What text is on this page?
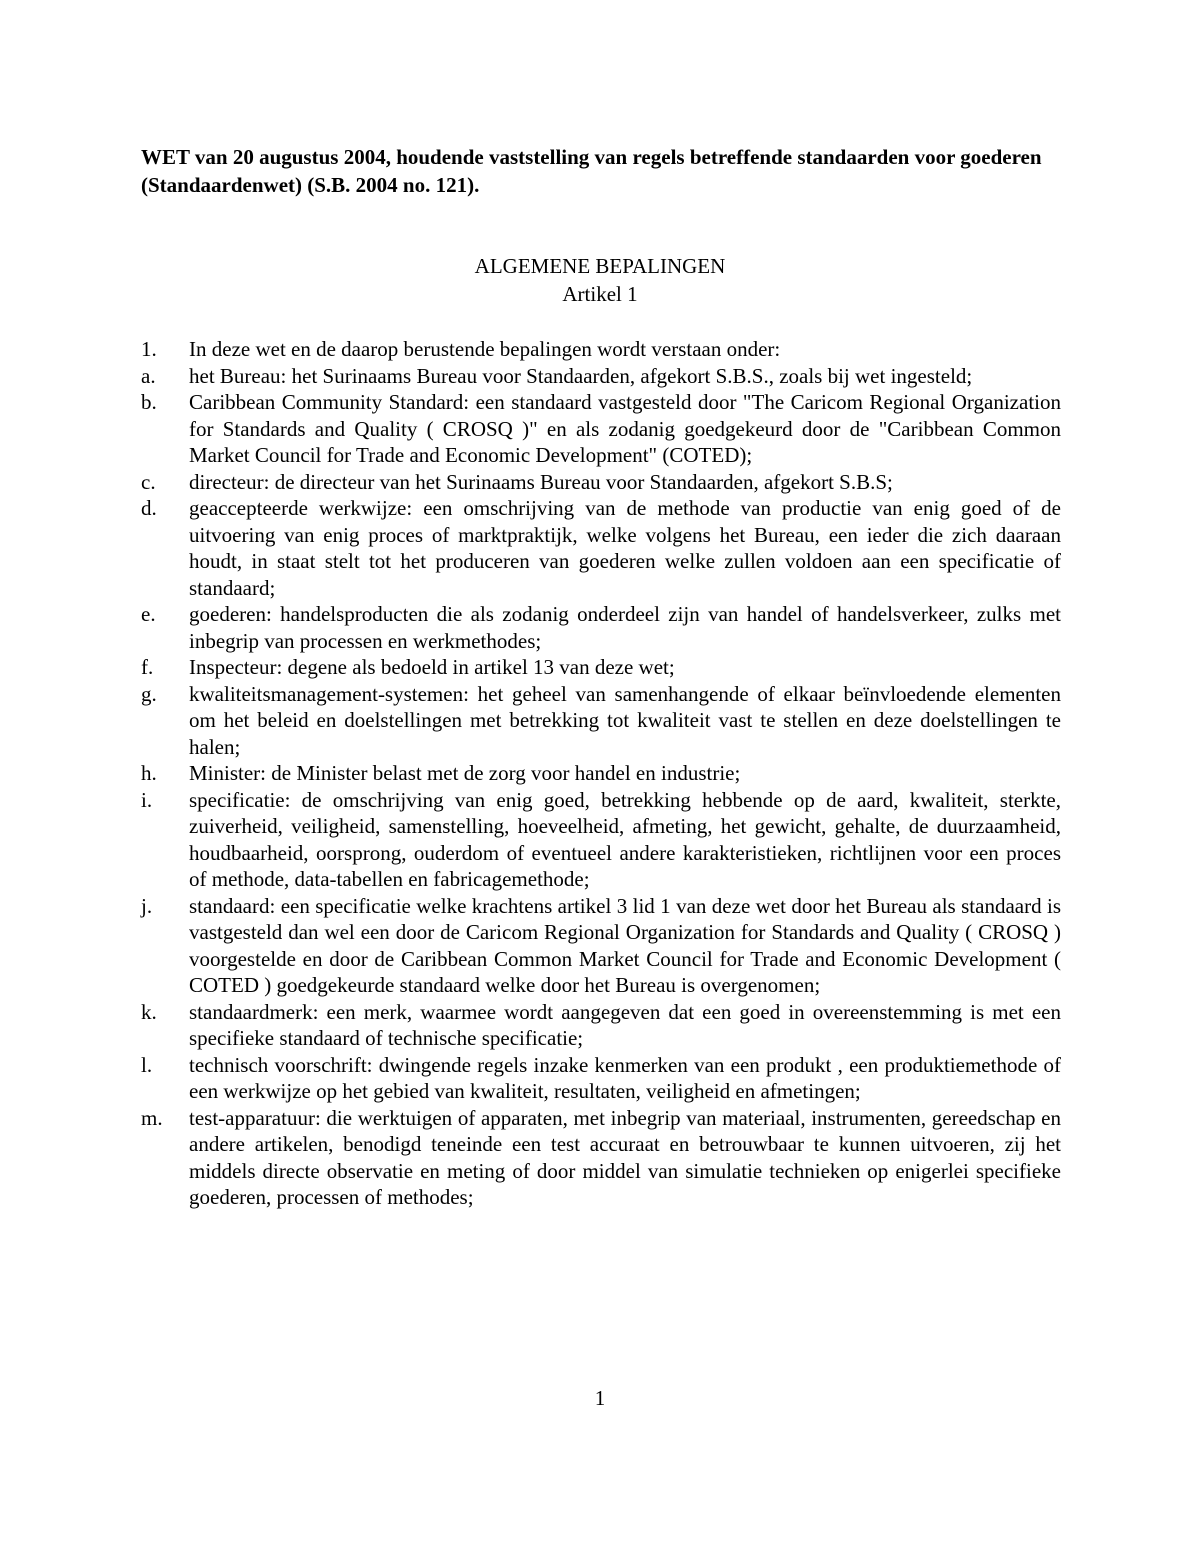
WET van 20 augustus 2004, houdende vaststelling van regels betreffende standaarden voor goederen (Standaardenwet) (S.B. 2004 no. 121).

ALGEMENE BEPALINGEN
Artikel 1
1.	In deze wet en de daarop berustende bepalingen wordt verstaan onder:
a.	het Bureau: het Surinaams Bureau voor Standaarden, afgekort S.B.S., zoals bij wet ingesteld;
b.	Caribbean Community Standard: een standaard vastgesteld door "The Caricom Regional Organization for Standards and Quality ( CROSQ )" en als zodanig goedgekeurd door de "Caribbean Common Market Council for Trade and Economic Development" (COTED);
c.	directeur: de directeur van het Surinaams Bureau voor Standaarden, afgekort S.B.S;
d.	geaccepteerde werkwijze: een omschrijving van de methode van productie van enig goed of de uitvoering van enig proces of marktpraktijk, welke volgens het Bureau, een ieder die zich daaraan houdt, in staat stelt tot het produceren van goederen welke zullen voldoen aan een specificatie of standaard;
e.	goederen: handelsproducten die als zodanig onderdeel zijn van handel of handelsverkeer, zulks met inbegrip van processen en werkmethodes;
f.	Inspecteur: degene als bedoeld in artikel 13 van deze wet;
g.	kwaliteitsmanagement-systemen: het geheel van samenhangende of elkaar beïnvloedende elementen om het beleid en doelstellingen met betrekking tot kwaliteit vast te stellen en deze doelstellingen te halen;
h.	Minister: de Minister belast met de zorg voor handel en industrie;
i.	specificatie: de omschrijving van enig goed, betrekking hebbende op de aard, kwaliteit, sterkte, zuiverheid, veiligheid, samenstelling, hoeveelheid, afmeting, het gewicht, gehalte, de duurzaamheid, houdbaarheid, oorsprong, ouderdom of eventueel andere karakteristieken, richtlijnen voor een proces of methode, data-tabellen en fabricagemethode;
j.	standaard: een specificatie welke krachtens artikel 3 lid 1 van deze wet door het Bureau als standaard is vastgesteld dan wel een door de Caricom Regional Organization for Standards and Quality ( CROSQ ) voorgestelde en door de Caribbean Common Market Council for Trade and Economic Development ( COTED ) goedgekeurde standaard welke door het Bureau is overgenomen;
k.	standaardmerk: een merk, waarmee wordt aangegeven dat een goed in overeenstemming is met een specifieke standaard of technische specificatie;
l.	technisch voorschrift: dwingende regels inzake kenmerken van een produkt , een produktiemethode of een werkwijze op het gebied van kwaliteit, resultaten, veiligheid en afmetingen;
m.	test-apparatuur: die werktuigen of apparaten, met inbegrip van materiaal, instrumenten, gereedschap en andere artikelen, benodigd teneinde een test accuraat en betrouwbaar te kunnen uitvoeren, zij het middels directe observatie en meting of door middel van simulatie technieken op enigerlei specifieke goederen, processen of methodes;
1
